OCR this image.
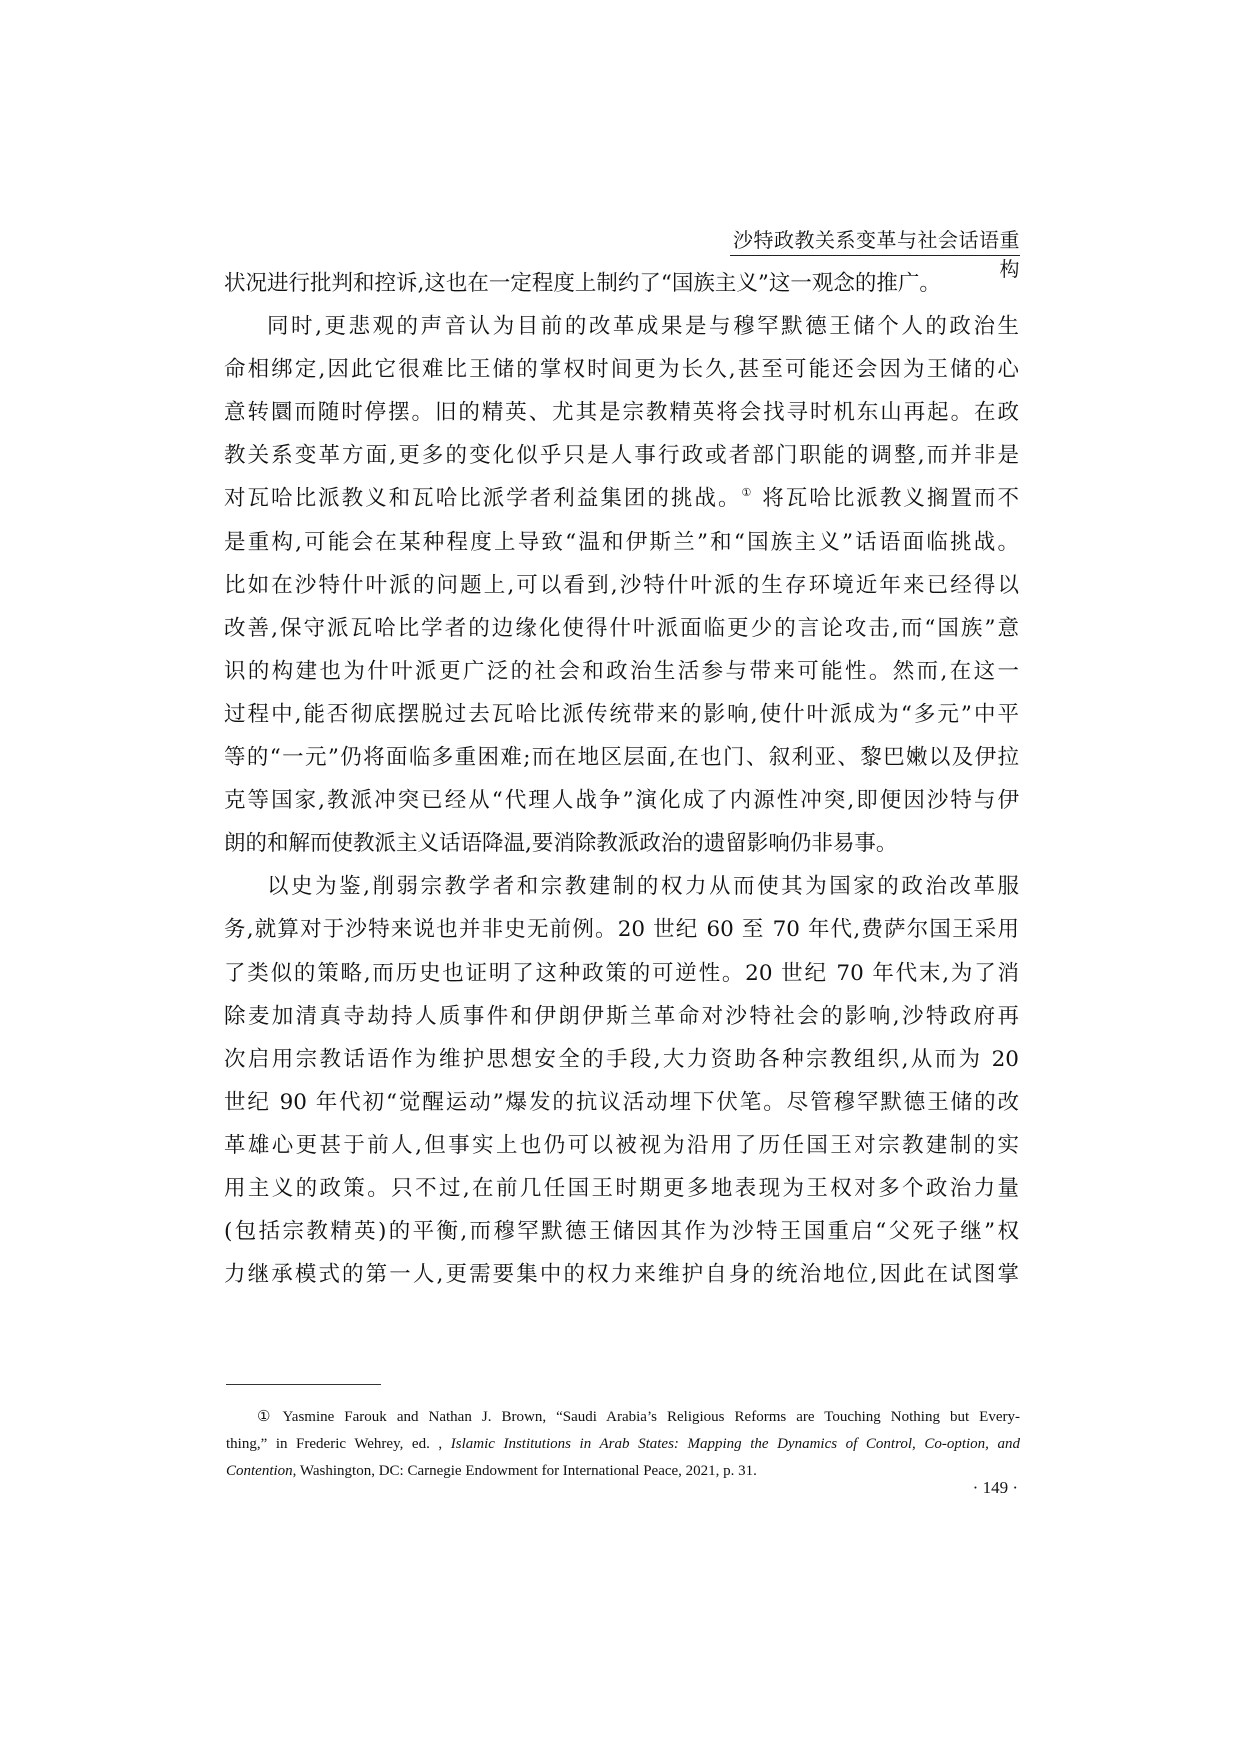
沙特政教关系变革与社会话语重构
状况进行批判和控诉,这也在一定程度上制约了“国族主义”这一观念的推广。
同时,更悲观的声音认为目前的改革成果是与穆罕默德王储个人的政治生
命相绑定,因此它很难比王储的掌权时间更为长久,甚至可能还会因为王储的心
意转圜而随时停摆。旧的精英、尤其是宗教精英将会找寻时机东山再起。在政
教关系变革方面,更多的变化似乎只是人事行政或者部门职能的调整,而并非是
对瓦哈比派教义和瓦哈比派学者利益集团的挑战。① 将瓦哈比派教义搁置而不
是重构,可能会在某种程度上导致“温和伊斯兰”和“国族主义”话语面临挑战。
比如在沙特什叶派的问题上,可以看到,沙特什叶派的生存环境近年来已经得以
改善,保守派瓦哈比学者的边缘化使得什叶派面临更少的言论攻击,而“国族”意
识的构建也为什叶派更广泛的社会和政治生活参与带来可能性。然而,在这一
过程中,能否彻底摆脱过去瓦哈比派传统带来的影响,使什叶派成为“多元”中平
等的“一元”仍将面临多重困难;而在地区层面,在也门、叙利亚、黎巴嫩以及伊拉
克等国家,教派冲突已经从“代理人战争”演化成了内源性冲突,即便因沙特与伊
朗的和解而使教派主义话语降温,要消除教派政治的遗留影响仍非易事。
以史为鉴,削弱宗教学者和宗教建制的权力从而使其为国家的政治改革服
务,就算对于沙特来说也并非史无前例。20 世纪 60 至 70 年代,费萨尔国王采用
了类似的策略,而历史也证明了这种政策的可逆性。20 世纪 70 年代末,为了消
除麦加清真寺劫持人质事件和伊朗伊斯兰革命对沙特社会的影响,沙特政府再
次启用宗教话语作为维护思想安全的手段,大力资助各种宗教组织,从而为 20
世纪 90 年代初“觉醒运动”爆发的抗议活动埋下伏笔。尽管穆罕默德王储的改
革雄心更甚于前人,但事实上也仍可以被视为沿用了历任国王对宗教建制的实
用主义的政策。只不过,在前几任国王时期更多地表现为王权对多个政治力量
(包括宗教精英)的平衡,而穆罕默德王储因其作为沙特王国重启“父死子继”权
力继承模式的第一人,更需要集中的权力来维护自身的统治地位,因此在试图掌
① Yasmine Farouk and Nathan J. Brown, “Saudi Arabia’s Religious Reforms are Touching Nothing but Every-
thing,” in Frederic Wehrey, ed. , Islamic Institutions in Arab States: Mapping the Dynamics of Control, Co-option, and
Contention, Washington, DC: Carnegie Endowment for International Peace, 2021, p. 31.
· 149 ·
